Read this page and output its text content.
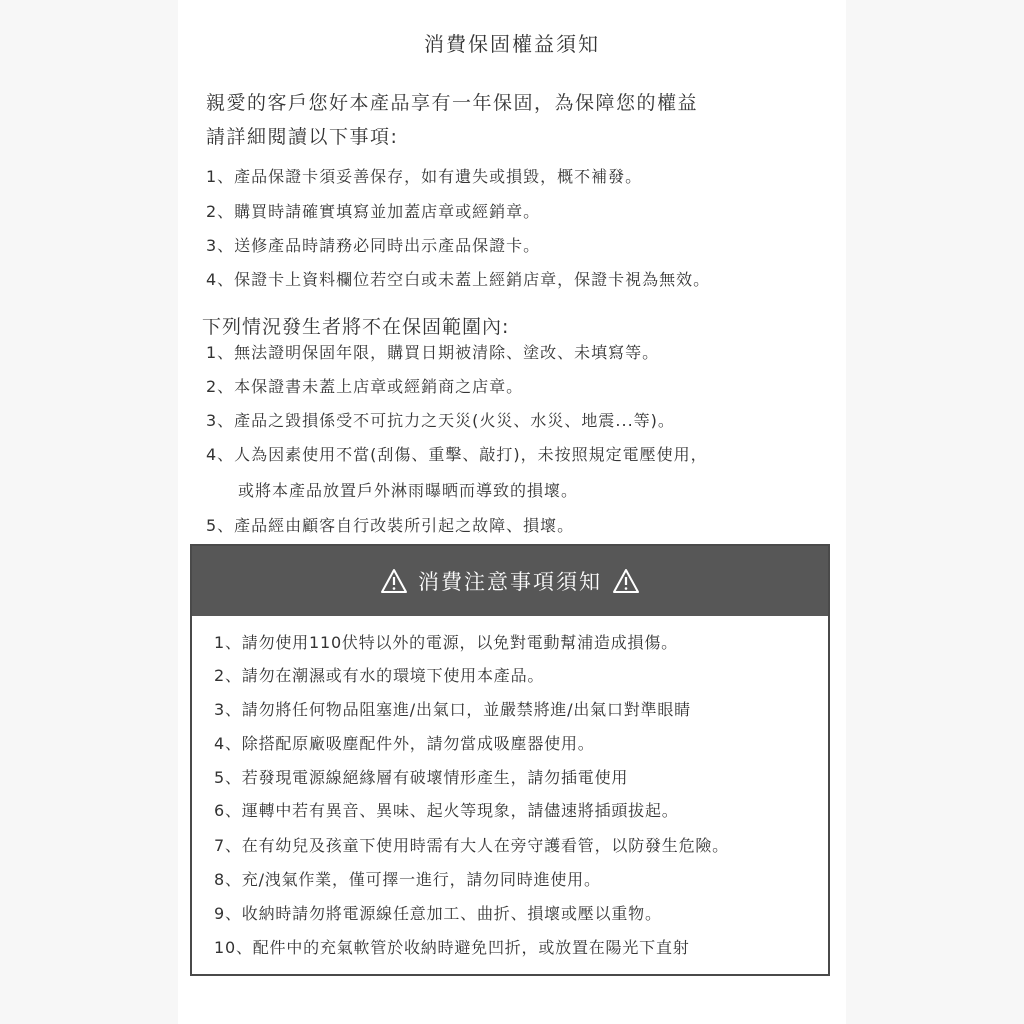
消費保固權益須知
親愛的客戶您好本產品享有一年保固，為保障您的權益
請詳細閱讀以下事項:
1、產品保證卡須妥善保存，如有遺失或損毀，概不補發。
2、購買時請確實填寫並加蓋店章或經銷章。
3、送修產品時請務必同時出示產品保證卡。
4、保證卡上資料欄位若空白或未蓋上經銷店章，保證卡視為無效。
下列情況發生者將不在保固範圍內:
1、無法證明保固年限，購買日期被清除、塗改、未填寫等。
2、本保證書未蓋上店章或經銷商之店章。
3、產品之毀損係受不可抗力之天災(火災、水災、地震...等)。
4、人為因素使用不當(刮傷、重擊、敲打)，未按照規定電壓使用，
或將本產品放置戶外淋雨曝晒而導致的損壞。
5、產品經由顧客自行改裝所引起之故障、損壞。
消費注意事項須知
1、請勿使用110伏特以外的電源，以免對電動幫浦造成損傷。
2、請勿在潮濕或有水的環境下使用本產品。
3、請勿將任何物品阻塞進/出氣口，並嚴禁將進/出氣口對準眼睛
4、除搭配原廠吸塵配件外，請勿當成吸塵器使用。
5、若發現電源線絕緣層有破壞情形產生，請勿插電使用
6、運轉中若有異音、異味、起火等現象，請儘速將插頭拔起。
7、在有幼兒及孩童下使用時需有大人在旁守護看管，以防發生危險。
8、充/洩氣作業，僅可擇一進行，請勿同時進使用。
9、收納時請勿將電源線任意加工、曲折、損壞或壓以重物。
10、配件中的充氣軟管於收納時避免凹折，或放置在陽光下直射
